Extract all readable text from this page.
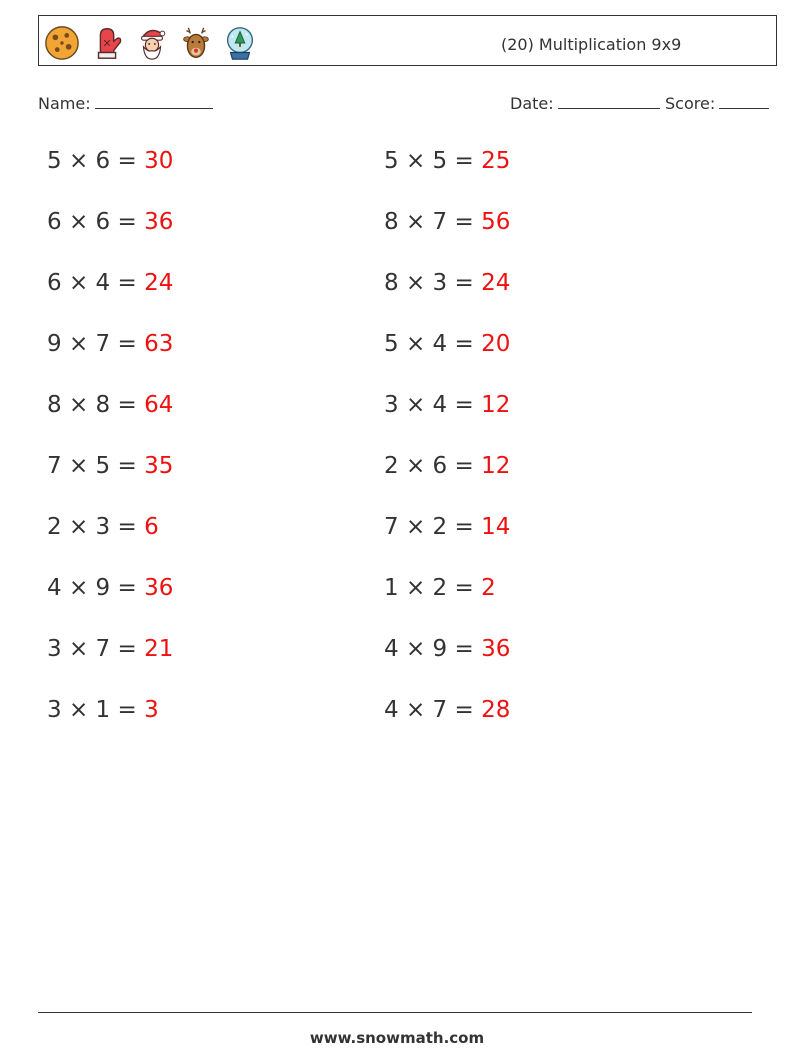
(20) Multiplication 9x9
Name:	Date:	Score:
5 × 6 = 30
6 × 6 = 36
6 × 4 = 24
9 × 7 = 63
8 × 8 = 64
7 × 5 = 35
2 × 3 = 6
4 × 9 = 36
3 × 7 = 21
3 × 1 = 3
5 × 5 = 25
8 × 7 = 56
8 × 3 = 24
5 × 4 = 20
3 × 4 = 12
2 × 6 = 12
7 × 2 = 14
1 × 2 = 2
4 × 9 = 36
4 × 7 = 28
www.snowmath.com
